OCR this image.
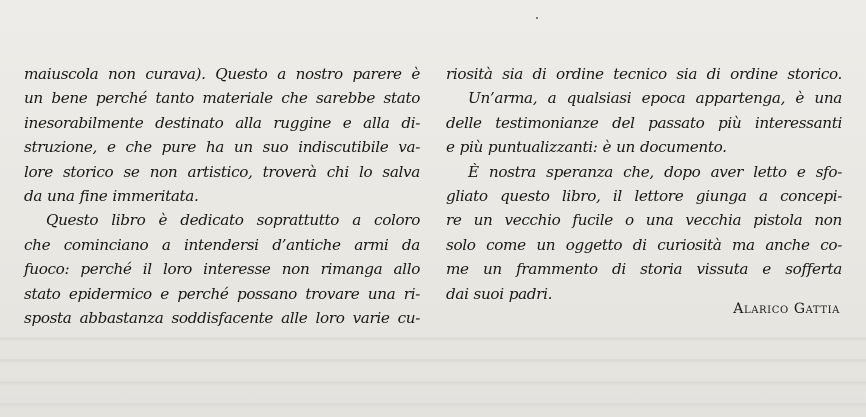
maiuscola non curava). Questo a nostro parere è
un bene perché tanto materiale che sarebbe stato
inesorabilmente destinato alla ruggine e alla di-
struzione, e che pure ha un suo indiscutibile va-
lore storico se non artistico, troverà chi lo salva
da una fine immeritata.
Questo libro è dedicato soprattutto a coloro
che cominciano a intendersi d’antiche armi da
fuoco: perché il loro interesse non rimanga allo
stato epidermico e perché possano trovare una ri-
sposta abbastanza soddisfacente alle loro varie cu-
riosità sia di ordine tecnico sia di ordine storico.
Un’arma, a qualsiasi epoca appartenga, è una
delle testimonianze del passato più interessanti
e più puntualizzanti: è un documento.
È nostra speranza che, dopo aver letto e sfo-
gliato questo libro, il lettore giunga a concepi-
re un vecchio fucile o una vecchia pistola non
solo come un oggetto di curiosità ma anche co-
me un frammento di storia vissuta e sofferta
dai suoi padri.
Alarico Gattia
